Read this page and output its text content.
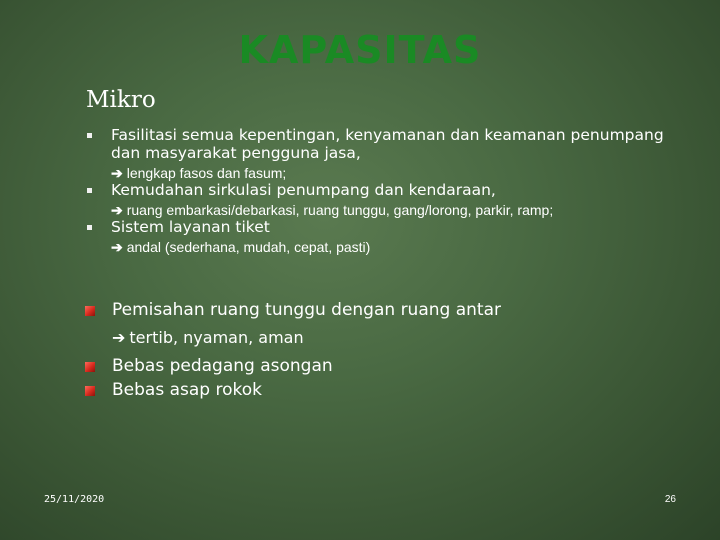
KAPASITAS
Mikro
Fasilitasi semua kepentingan, kenyamanan dan keamanan penumpang dan masyarakat pengguna jasa,
➔ lengkap fasos dan fasum;
Kemudahan sirkulasi penumpang dan kendaraan,
➔ ruang embarkasi/debarkasi, ruang tunggu, gang/lorong, parkir, ramp;
Sistem layanan tiket
➔ andal (sederhana, mudah, cepat, pasti)
Pemisahan ruang tunggu dengan ruang antar
➔ tertib, nyaman, aman
Bebas pedagang asongan
Bebas asap rokok
25/11/2020	26
